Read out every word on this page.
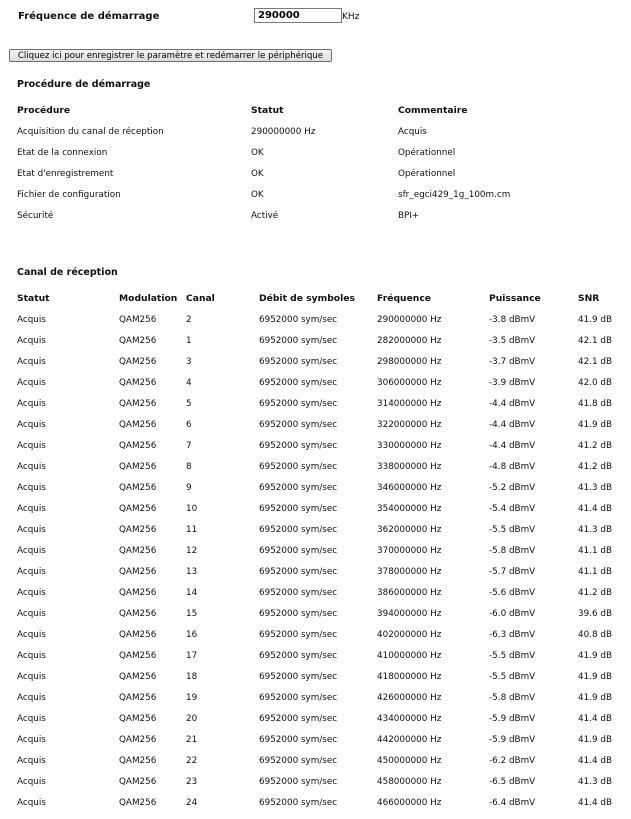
Fréquence de démarrage
290000	KHz
Cliquez ici pour enregistrer le paramètre et redémarrer le périphérique
Procédure de démarrage
Procédure	Statut	Commentaire
Acquisition du canal de réception	290000000 Hz	Acquis
Etat de la connexion	OK	Opérationnel
Etat d'enregistrement	OK	Opérationnel
Fichier de configuration	OK	sfr_egci429_1g_100m.cm
Sécurité	Activé	BPI+
Canal de réception
Statut	Modulation	Canal	Débit de symboles	Fréquence	Puissance	SNR
Acquis	QAM256	2	6952000 sym/sec	290000000 Hz	-3.8 dBmV	41.9 dB
Acquis	QAM256	1	6952000 sym/sec	282000000 Hz	-3.5 dBmV	42.1 dB
Acquis	QAM256	3	6952000 sym/sec	298000000 Hz	-3.7 dBmV	42.1 dB
Acquis	QAM256	4	6952000 sym/sec	306000000 Hz	-3.9 dBmV	42.0 dB
Acquis	QAM256	5	6952000 sym/sec	314000000 Hz	-4.4 dBmV	41.8 dB
Acquis	QAM256	6	6952000 sym/sec	322000000 Hz	-4.4 dBmV	41.9 dB
Acquis	QAM256	7	6952000 sym/sec	330000000 Hz	-4.4 dBmV	41.2 dB
Acquis	QAM256	8	6952000 sym/sec	338000000 Hz	-4.8 dBmV	41.2 dB
Acquis	QAM256	9	6952000 sym/sec	346000000 Hz	-5.2 dBmV	41.3 dB
Acquis	QAM256	10	6952000 sym/sec	354000000 Hz	-5.4 dBmV	41.4 dB
Acquis	QAM256	11	6952000 sym/sec	362000000 Hz	-5.5 dBmV	41.3 dB
Acquis	QAM256	12	6952000 sym/sec	370000000 Hz	-5.8 dBmV	41.1 dB
Acquis	QAM256	13	6952000 sym/sec	378000000 Hz	-5.7 dBmV	41.1 dB
Acquis	QAM256	14	6952000 sym/sec	386000000 Hz	-5.6 dBmV	41.2 dB
Acquis	QAM256	15	6952000 sym/sec	394000000 Hz	-6.0 dBmV	39.6 dB
Acquis	QAM256	16	6952000 sym/sec	402000000 Hz	-6.3 dBmV	40.8 dB
Acquis	QAM256	17	6952000 sym/sec	410000000 Hz	-5.5 dBmV	41.9 dB
Acquis	QAM256	18	6952000 sym/sec	418000000 Hz	-5.5 dBmV	41.9 dB
Acquis	QAM256	19	6952000 sym/sec	426000000 Hz	-5.8 dBmV	41.9 dB
Acquis	QAM256	20	6952000 sym/sec	434000000 Hz	-5.9 dBmV	41.4 dB
Acquis	QAM256	21	6952000 sym/sec	442000000 Hz	-5.9 dBmV	41.9 dB
Acquis	QAM256	22	6952000 sym/sec	450000000 Hz	-6.2 dBmV	41.4 dB
Acquis	QAM256	23	6952000 sym/sec	458000000 Hz	-6.5 dBmV	41.3 dB
Acquis	QAM256	24	6952000 sym/sec	466000000 Hz	-6.4 dBmV	41.4 dB
